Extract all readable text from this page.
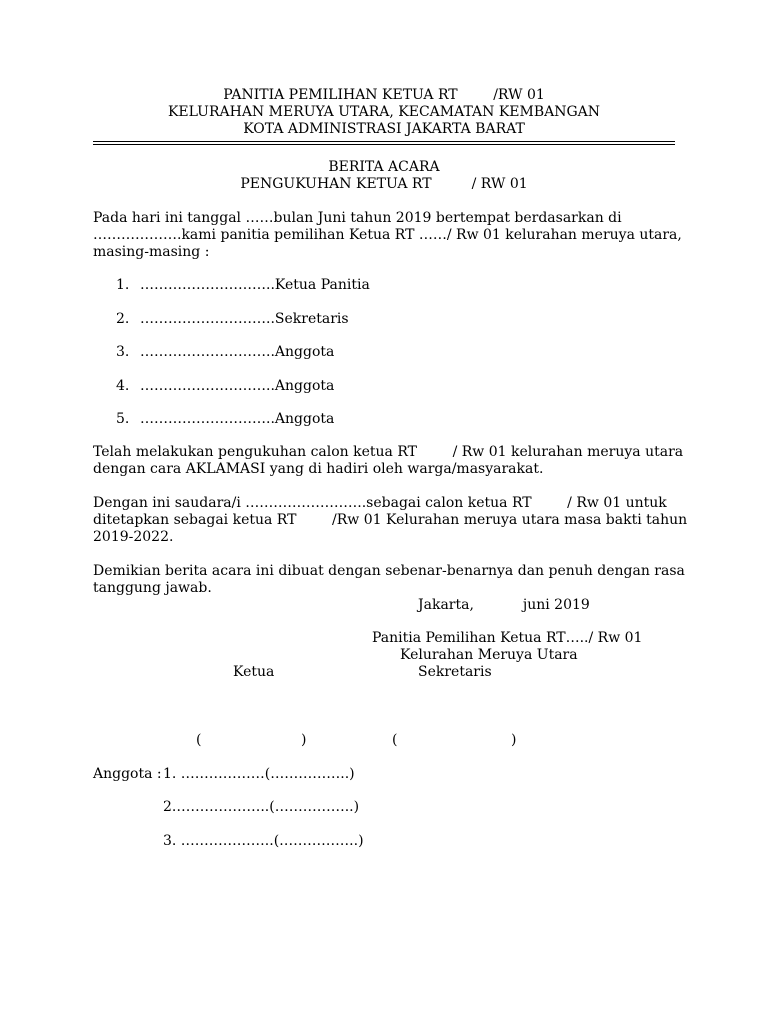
PANITIA PEMILIHAN KETUA RT        /RW 01
KELURAHAN MERUYA UTARA, KECAMATAN KEMBANGAN
KOTA ADMINISTRASI JAKARTA BARAT
BERITA ACARA
PENGUKUHAN KETUA RT         / RW 01
Pada hari ini tanggal ……bulan Juni tahun 2019 bertempat berdasarkan di
……………….kami panitia pemilihan Ketua RT ……/ Rw 01 kelurahan meruya utara,
masing-masing :
1. ………………………..Ketua Panitia
2. ………………………..Sekretaris
3. ………………………..Anggota
4. ………………………..Anggota
5. ………………………..Anggota
Telah melakukan pengukuhan calon ketua RT        / Rw 01 kelurahan meruya utara
dengan cara AKLAMASI yang di hadiri oleh warga/masyarakat.
Dengan ini saudara/i ……………………..sebagai calon ketua RT        / Rw 01 untuk
ditetapkan sebagai ketua RT        /Rw 01 Kelurahan meruya utara masa bakti tahun
2019-2022.
Demikian berita acara ini dibuat dengan sebenar-benarnya dan penuh dengan rasa
tanggung jawab.
Jakarta,           juni 2019
Panitia Pemilihan Ketua RT…../ Rw 01
Kelurahan Meruya Utara
Ketua	Sekretaris
(	)	(	)
Anggota :
1. ………………(……………..)
2.………………..(……………..)
3. ………………..(……………..)
